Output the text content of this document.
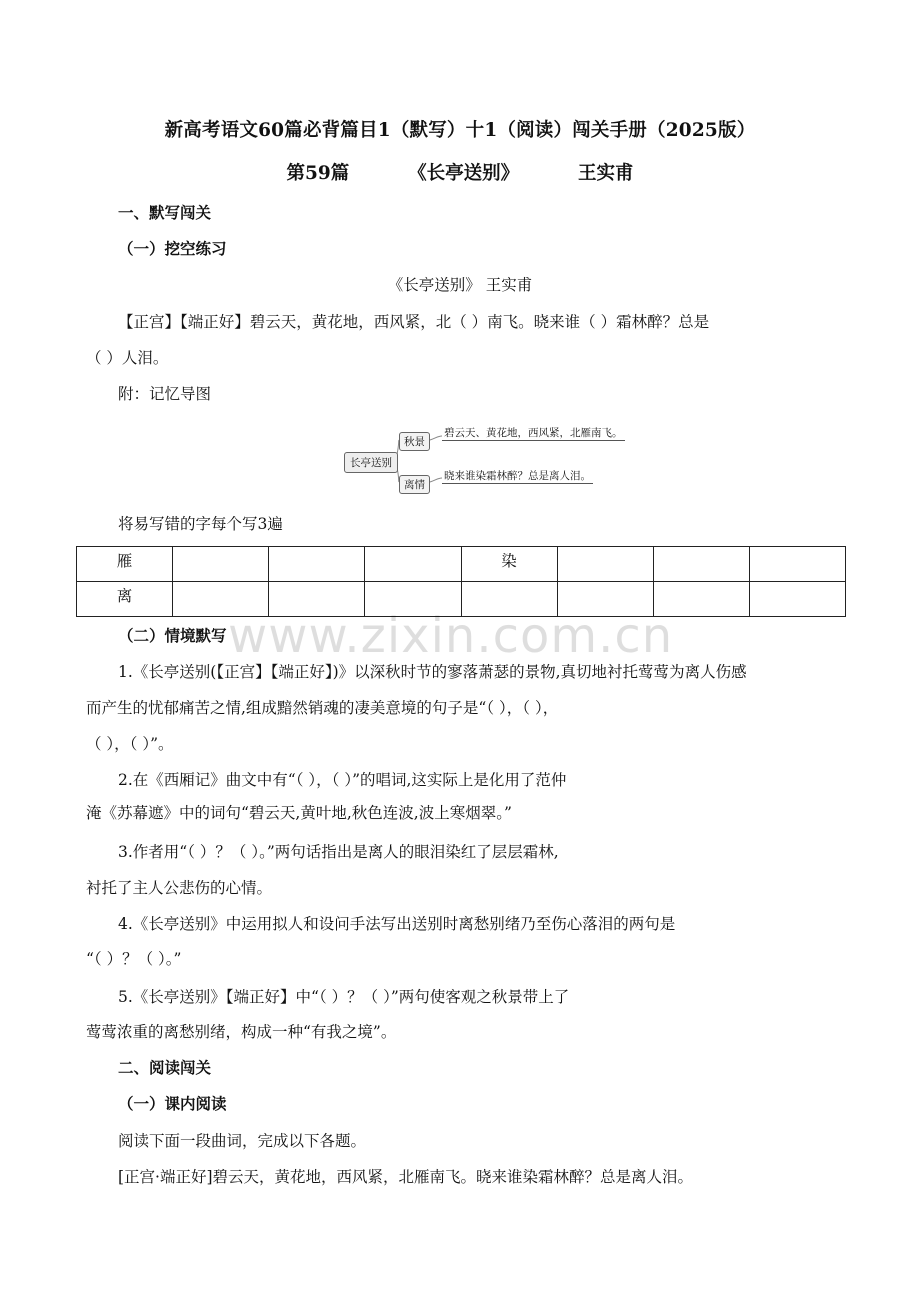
新高考语文60篇必背篇目1（默写）十1（阅读）闯关手册（2025版）
第59篇	《长亭送别》	王实甫
一、默写闯关
（一）挖空练习
《长亭送别》 王实甫
【正宫】【端正好】碧云天，黄花地，西风紧，北（ ）南飞。晓来谁（ ）霜林醉？总是
（ ）人泪。
附：记忆导图
长亭送别
秋景
离情
碧云天、黄花地，西风紧，北雁南飞。
晓来谁染霜林醉？总是离人泪。
将易写错的字每个写3遍
雁				染			
离							
（二）情境默写
1.《长亭送别(【正宫】【端正好】)》以深秋时节的寥落萧瑟的景物,真切地衬托莺莺为离人伤感
而产生的忧郁痛苦之情,组成黯然销魂的凄美意境的句子是“（ ），（ ），
（ ），（ ）”。
2.在《西厢记》曲文中有“（ ），（ ）”的唱词,这实际上是化用了范仲
淹《苏幕遮》中的词句“碧云天,黄叶地,秋色连波,波上寒烟翠。”
3.作者用“（ ）？（ ）。”两句话指出是离人的眼泪染红了层层霜林,
衬托了主人公悲伤的心情。
4.《长亭送别》中运用拟人和设问手法写出送别时离愁别绪乃至伤心落泪的两句是
“（ ）？（ ）。”
5.《长亭送别》【端正好】中“（ ）？（ ）”两句使客观之秋景带上了
莺莺浓重的离愁别绪，构成一种“有我之境”。
二、阅读闯关
（一）课内阅读
阅读下面一段曲词，完成以下各题。
[正宫·端正好]碧云天，黄花地，西风紧，北雁南飞。晓来谁染霜林醉？总是离人泪。
www.zixin.com.cn
